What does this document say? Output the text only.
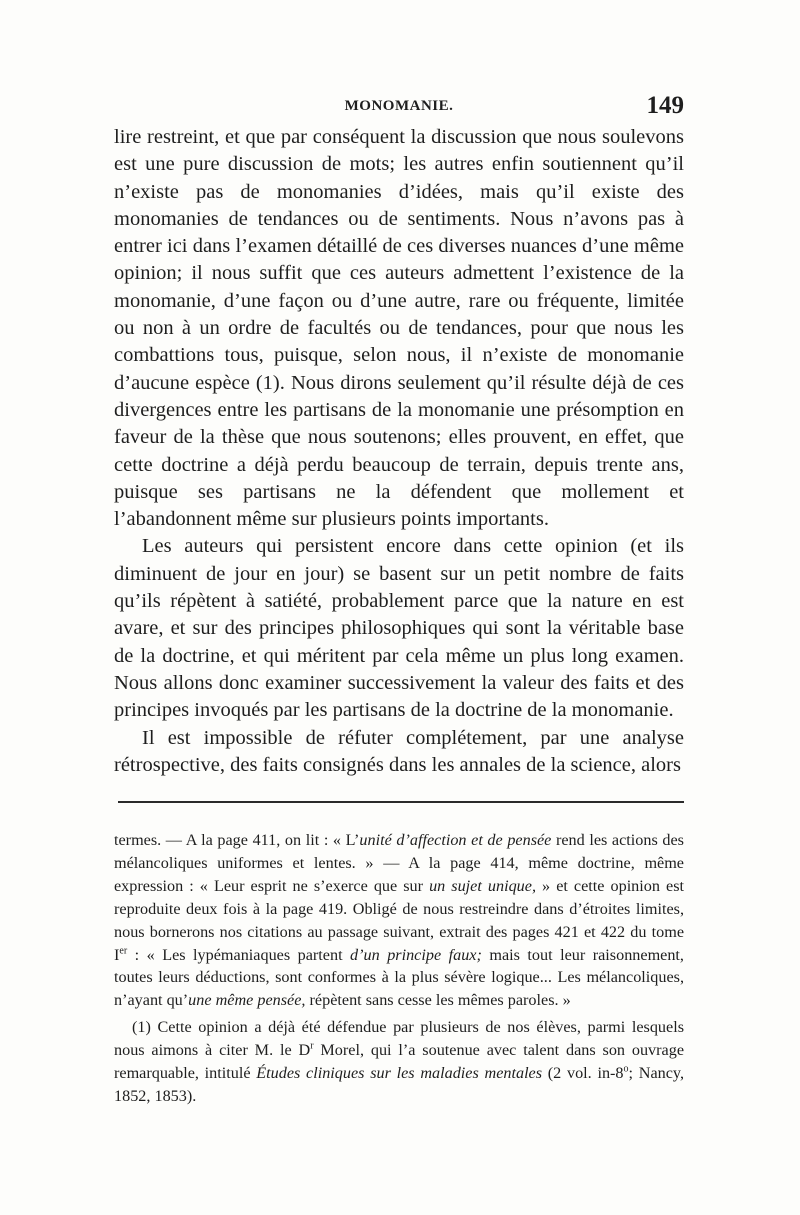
MONOMANIE.	149

lire restreint, et que par conséquent la discussion que nous soulevons est une pure discussion de mots; les autres enfin soutiennent qu’il n’existe pas de monomanies d’idées, mais qu’il existe des monomanies de tendances ou de sentiments. Nous n’avons pas à entrer ici dans l’examen détaillé de ces diverses nuances d’une même opinion; il nous suffit que ces auteurs admettent l’existence de la monomanie, d’une façon ou d’une autre, rare ou fréquente, limitée ou non à un ordre de facultés ou de tendances, pour que nous les combattions tous, puisque, selon nous, il n’existe de monomanie d’aucune espèce (1). Nous dirons seulement qu’il résulte déjà de ces divergences entre les partisans de la monomanie une présomption en faveur de la thèse que nous soutenons; elles prouvent, en effet, que cette doctrine a déjà perdu beaucoup de terrain, depuis trente ans, puisque ses partisans ne la défendent que mollement et l’abandonnent même sur plusieurs points importants.

Les auteurs qui persistent encore dans cette opinion (et ils diminuent de jour en jour) se basent sur un petit nombre de faits qu’ils répètent à satiété, probablement parce que la nature en est avare, et sur des principes philosophiques qui sont la véritable base de la doctrine, et qui méritent par cela même un plus long examen. Nous allons donc examiner successivement la valeur des faits et des principes invoqués par les partisans de la doctrine de la monomanie.

Il est impossible de réfuter complétement, par une analyse rétrospective, des faits consignés dans les annales de la science, alors

termes. — A la page 411, on lit : « L’unité d’affection et de pensée rend les actions des mélancoliques uniformes et lentes. » — A la page 414, même doctrine, même expression : « Leur esprit ne s’exerce que sur un sujet unique, » et cette opinion est reproduite deux fois à la page 419. Obligé de nous restreindre dans d’étroites limites, nous bornerons nos citations au passage suivant, extrait des pages 421 et 422 du tome Ier : « Les lypémaniaques partent d’un principe faux; mais tout leur raisonnement, toutes leurs déductions, sont conformes à la plus sévère logique... Les mélancoliques, n’ayant qu’une même pensée, répètent sans cesse les mêmes paroles. »

(1) Cette opinion a déjà été défendue par plusieurs de nos élèves, parmi lesquels nous aimons à citer M. le $D^r$ Morel, qui l’a soutenue avec talent dans son ouvrage remarquable, intitulé Études cliniques sur les maladies mentales (2 vol. in-8$^o$; Nancy, 1852, 1853).
